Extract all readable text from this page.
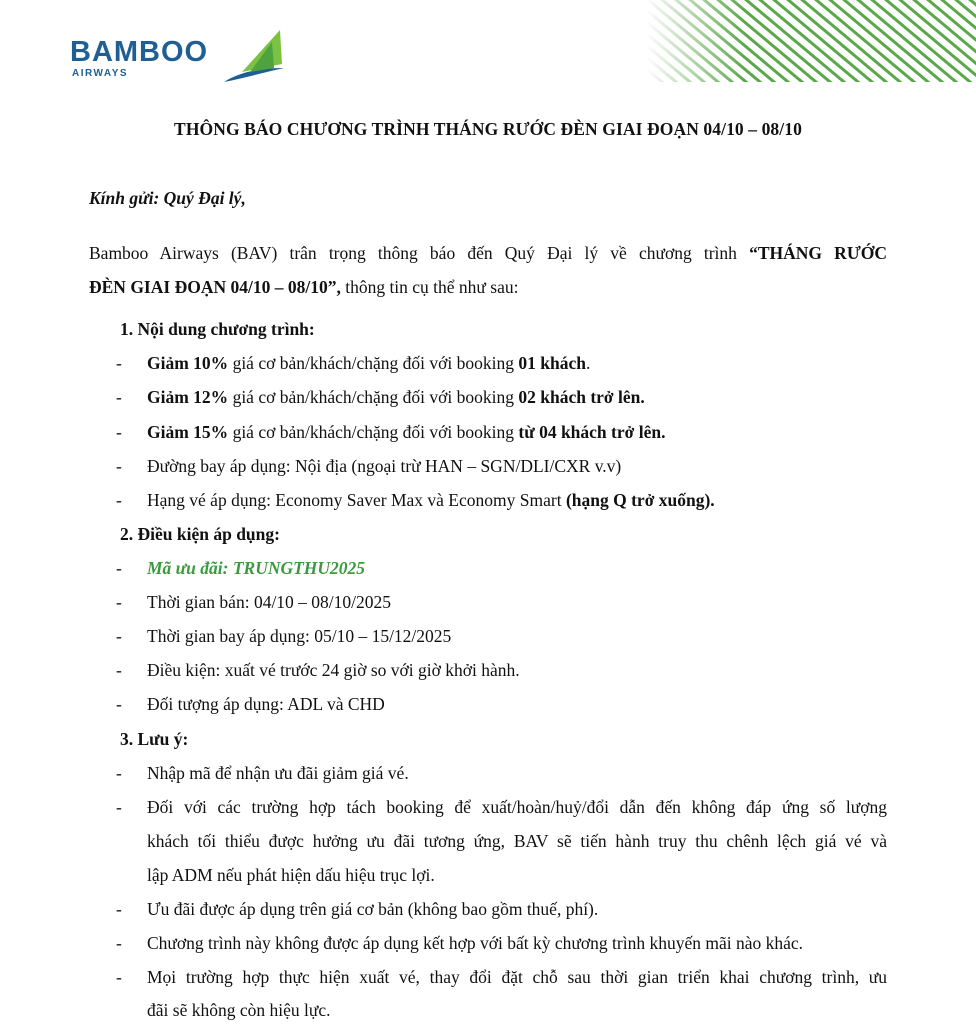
BAMBOO
AIRWAYS
THÔNG BÁO CHƯƠNG TRÌNH THÁNG RƯỚC ĐÈN GIAI ĐOẠN 04/10 – 08/10
Kính gửi: Quý Đại lý,
Bamboo Airways (BAV) trân trọng thông báo đến Quý Đại lý về chương trình “THÁNG RƯỚC
ĐÈN GIAI ĐOẠN 04/10 – 08/10”, thông tin cụ thể như sau:
1. Nội dung chương trình:
- Giảm 10% giá cơ bản/khách/chặng đối với booking 01 khách.
- Giảm 12% giá cơ bản/khách/chặng đối với booking 02 khách trở lên.
- Giảm 15% giá cơ bản/khách/chặng đối với booking từ 04 khách trở lên.
- Đường bay áp dụng: Nội địa (ngoại trừ HAN – SGN/DLI/CXR v.v)
- Hạng vé áp dụng: Economy Saver Max và Economy Smart (hạng Q trở xuống).
2. Điều kiện áp dụng:
- Mã ưu đãi: TRUNGTHU2025
- Thời gian bán: 04/10 – 08/10/2025
- Thời gian bay áp dụng: 05/10 – 15/12/2025
- Điều kiện: xuất vé trước 24 giờ so với giờ khởi hành.
- Đối tượng áp dụng: ADL và CHD
3. Lưu ý:
- Nhập mã để nhận ưu đãi giảm giá vé.
- Đối với các trường hợp tách booking để xuất/hoàn/huỷ/đổi dẫn đến không đáp ứng số lượng
khách tối thiểu được hưởng ưu đãi tương ứng, BAV sẽ tiến hành truy thu chênh lệch giá vé và
lập ADM nếu phát hiện dấu hiệu trục lợi.
- Ưu đãi được áp dụng trên giá cơ bản (không bao gồm thuế, phí).
- Chương trình này không được áp dụng kết hợp với bất kỳ chương trình khuyến mãi nào khác.
- Mọi trường hợp thực hiện xuất vé, thay đổi đặt chỗ sau thời gian triển khai chương trình, ưu
đãi sẽ không còn hiệu lực.
